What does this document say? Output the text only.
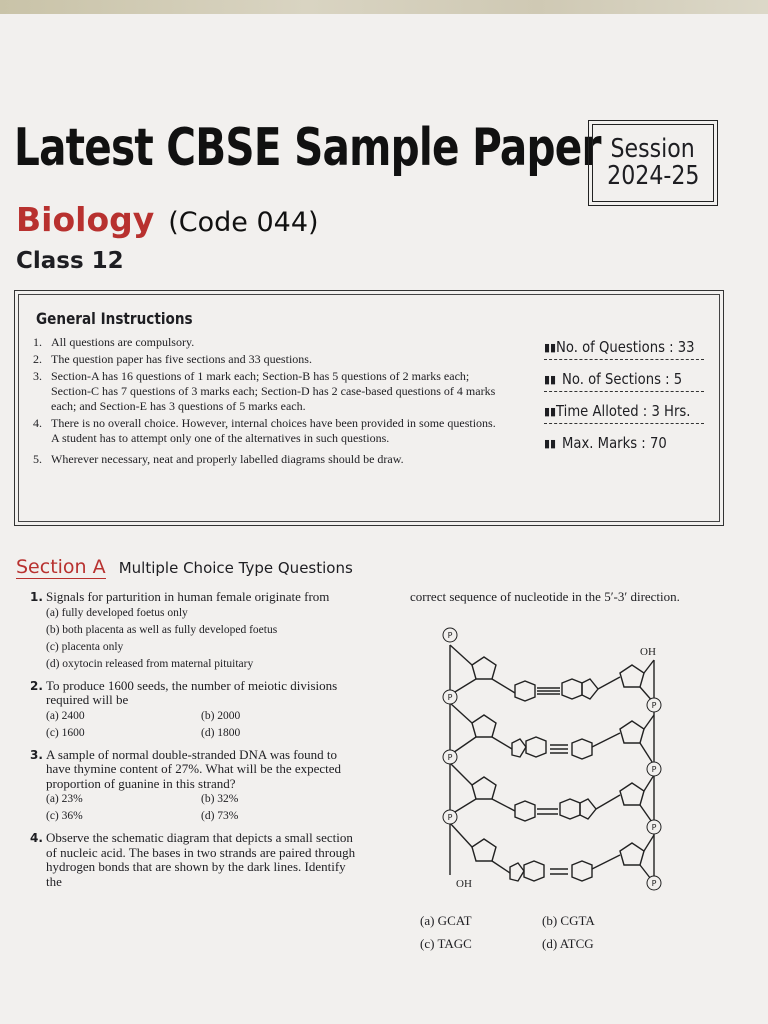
Latest CBSE Sample Paper Session
2024-25
Biology (Code 044)
Class 12
General Instructions
1. All questions are compulsory.
2. The question paper has five sections and 33 questions.
3. Section-A has 16 questions of 1 mark each; Section-B has 5 questions of 2 marks each; Section-C has 7 questions of 3 marks each; Section-D has 2 case-based questions of 4 marks each; and Section-E has 3 questions of 5 marks each.
4. There is no overall choice. However, internal choices have been provided in some questions. A student has to attempt only one of the alternatives in such questions.
5. Wherever necessary, neat and properly labelled diagrams should be draw.
▮▮ No. of Questions : 33
▮▮ No. of Sections : 5
▮▮ Time Alloted : 3 Hrs.
▮▮ Max. Marks : 70
Section A Multiple Choice Type Questions
1. Signals for parturition in human female originate from
(a) fully developed foetus only
(b) both placenta as well as fully developed foetus
(c) placenta only
(d) oxytocin released from maternal pituitary
2. To produce 1600 seeds, the number of meiotic divisions required will be
(a) 2400	(b) 2000
(c) 1600	(d) 1800
3. A sample of normal double-stranded DNA was found to have thymine content of 27%. What will be the expected proportion of guanine in this strand?
(a) 23%	(b) 32%
(c) 36%	(d) 73%
4. Observe the schematic diagram that depicts a small section of nucleic acid. The bases in two strands are paired through hydrogen bonds that are shown by the dark lines. Identify the
correct sequence of nucleotide in the 5′-3′ direction.
P
P
P
P
P
P
P
P
OH
OH
(a) GCAT	(b) CGTA
(c) TAGC	(d) ATCG
